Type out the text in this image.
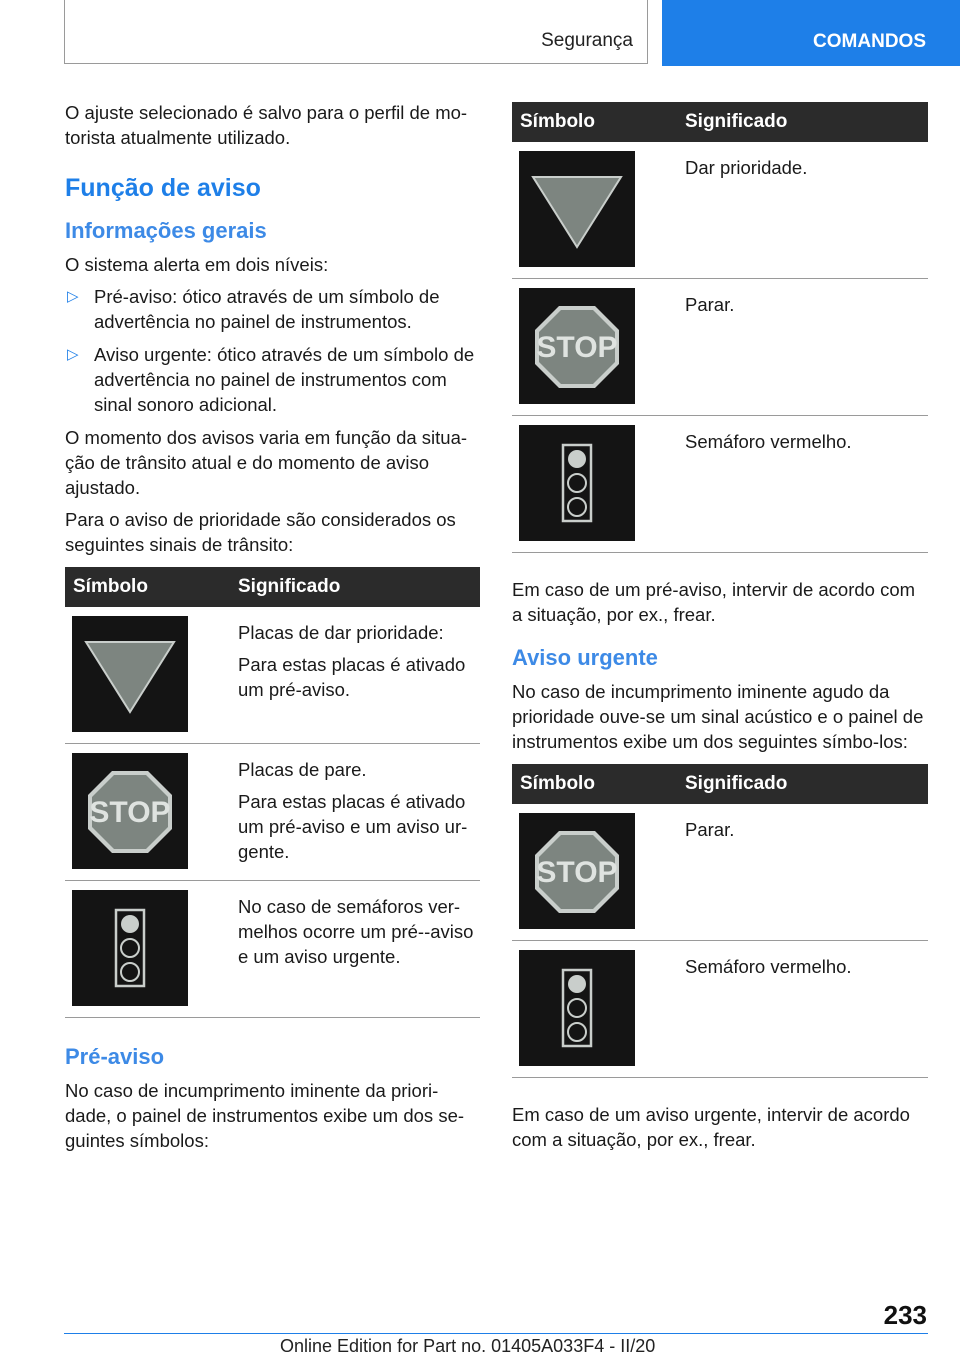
Segurança	COMANDOS

O ajuste selecionado é salvo para o perfil de mo-torista atualmente utilizado.

Função de aviso
Informações gerais

O sistema alerta em dois níveis:

▷ Pré-aviso: ótico através de um símbolo de advertência no painel de instrumentos.
▷ Aviso urgente: ótico através de um símbolo de advertência no painel de instrumentos com sinal sonoro adicional.

O momento dos avisos varia em função da situa-ção de trânsito atual e do momento de aviso ajustado.

Para o aviso de prioridade são considerados os seguintes sinais de trânsito:

Símbolo	Significado

Placas de dar prioridade:
Para estas placas é ativado um pré-aviso.

Placas de pare.
Para estas placas é ativado um pré-aviso e um aviso ur-gente.

No caso de semáforos ver-melhos ocorre um pré--aviso e um aviso urgente.
Pré-aviso

No caso de incumprimento iminente da priori-dade, o painel de instrumentos exibe um dos se-guintes símbolos:

Símbolo	Significado

	Dar prioridade.

	Parar.

	Semáforo vermelho.

Em caso de um pré-aviso, intervir de acordo com a situação, por ex., frear.

Aviso urgente

No caso de incumprimento iminente agudo da prioridade ouve-se um sinal acústico e o painel de instrumentos exibe um dos seguintes símbo-los:

Símbolo	Significado

	Parar.

	Semáforo vermelho.

Em caso de um aviso urgente, intervir de acordo com a situação, por ex., frear.

233
Online Edition for Part no. 01405A033F4 - II/20
